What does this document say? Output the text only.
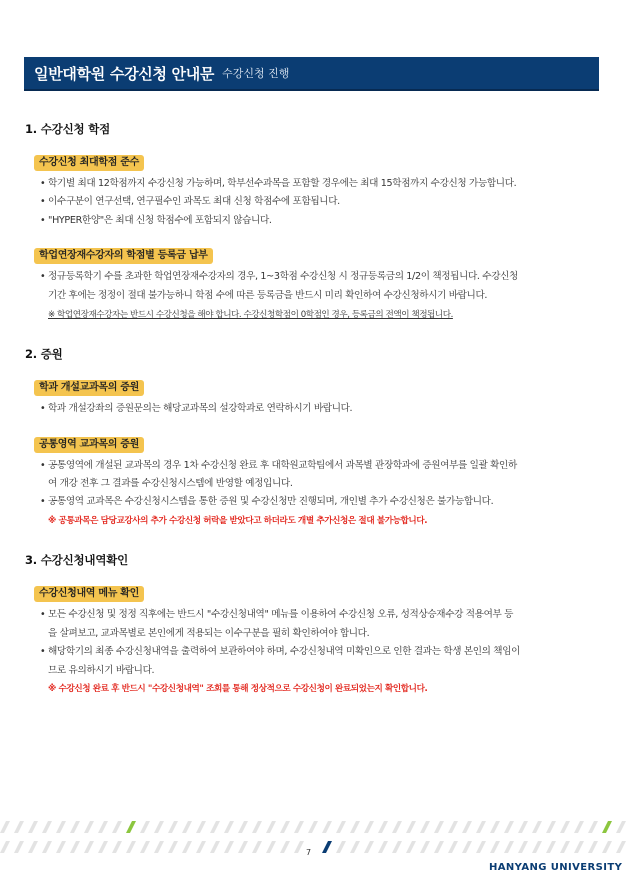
일반대학원 수강신청 안내문 수강신청 진행
1. 수강신청 학점
수강신청 최대학점 준수
• 학기별 최대 12학점까지 수강신청 가능하며, 학부선수과목을 포함할 경우에는 최대 15학점까지 수강신청 가능합니다.
• 이수구분이 연구선택, 연구필수인 과목도 최대 신청 학점수에 포함됩니다.
• "HYPER한양"은 최대 신청 학점수에 포함되지 않습니다.
학업연장재수강자의 학점별 등록금 납부
• 정규등록학기 수를 초과한 학업연장재수강자의 경우, 1~3학점 수강신청 시 정규등록금의 1/2이 책정됩니다. 수강신청
기간 후에는 정정이 절대 불가능하니 학점 수에 따른 등록금을 반드시 미리 확인하여 수강신청하시기 바랍니다.
※ 학업연장재수강자는 반드시 수강신청을 해야 합니다. 수강신청학점이 0학점인 경우, 등록금의 전액이 책정됩니다.
2. 증원
학과 개설교과목의 증원
• 학과 개설강좌의 증원문의는 해당교과목의 설강학과로 연락하시기 바랍니다.
공통영역 교과목의 증원
• 공통영역에 개설된 교과목의 경우 1차 수강신청 완료 후 대학원교학팀에서 과목별 관장학과에 증원여부를 일괄 확인하
여 개강 전후 그 결과를 수강신청시스템에 반영할 예정입니다.
• 공통영역 교과목은 수강신청시스템을 통한 증원 및 수강신청만 진행되며, 개인별 추가 수강신청은 불가능합니다.
※ 공통과목은 담당교강사의 추가 수강신청 허락을 받았다고 하더라도 개별 추가신청은 절대 불가능합니다.
3. 수강신청내역확인
수강신청내역 메뉴 확인
• 모든 수강신청 및 정정 직후에는 반드시 "수강신청내역" 메뉴를 이용하여 수강신청 오류, 성적상승재수강 적용여부 등
을 살펴보고, 교과목별로 본인에게 적용되는 이수구분을 필히 확인하여야 합니다.
• 해당학기의 최종 수강신청내역을 출력하여 보관하여야 하며, 수강신청내역 미확인으로 인한 결과는 학생 본인의 책임이
므로 유의하시기 바랍니다.
※ 수강신청 완료 후 반드시 "수강신청내역" 조회를 통해 정상적으로 수강신청이 완료되었는지 확인합니다.
7
HANYANG UNIVERSITY
